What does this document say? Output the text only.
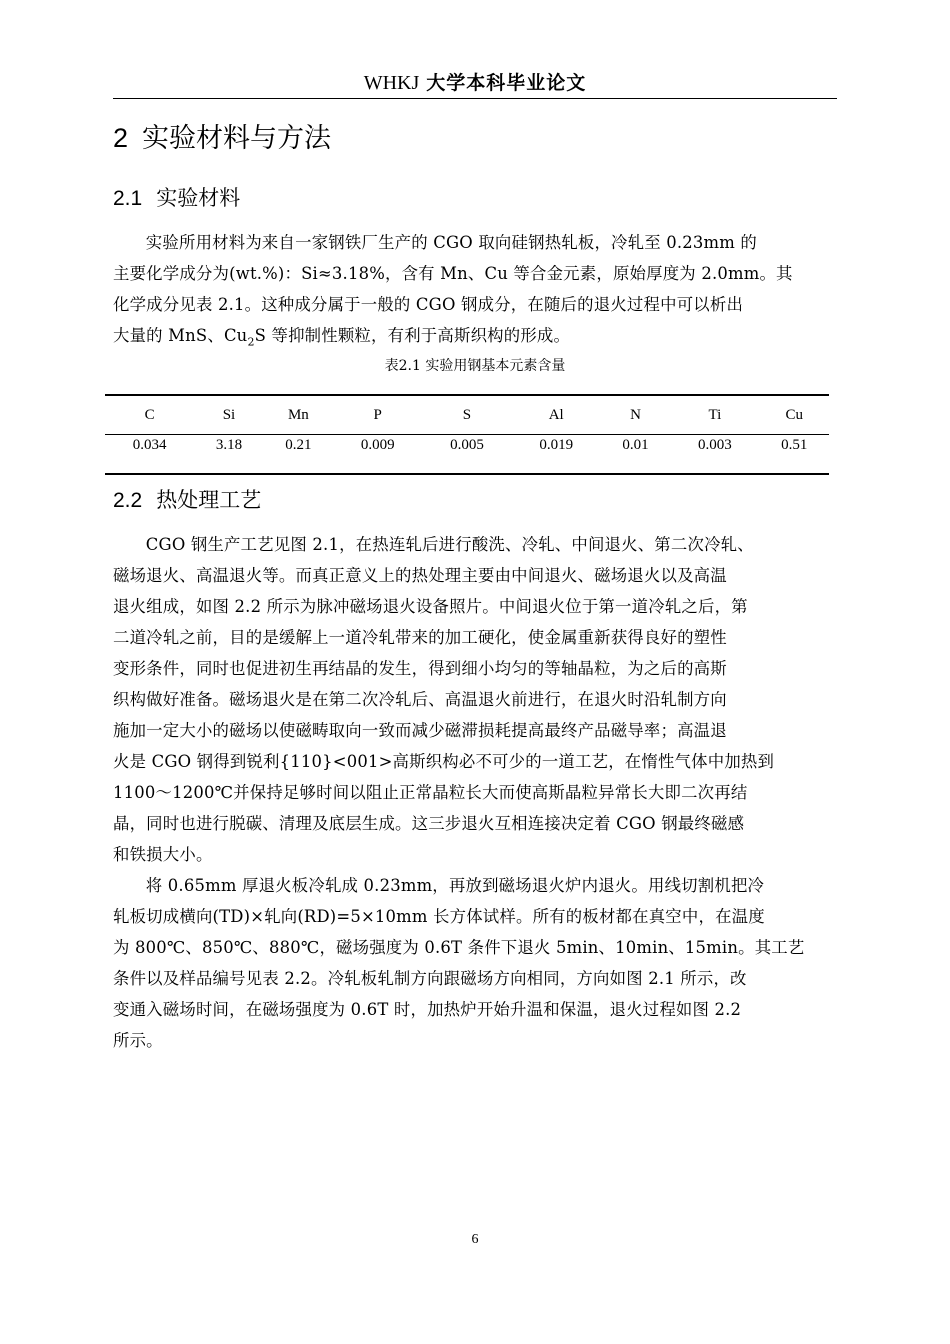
WHKJ 大学本科毕业论文
2 实验材料与方法
2.1 实验材料
实验所用材料为来自一家钢铁厂生产的 CGO 取向硅钢热轧板，冷轧至 0.23mm 的
主要化学成分为(wt.%)：Si≈3.18%，含有 Mn、Cu 等合金元素，原始厚度为 2.0mm。其
化学成分见表 2.1。这种成分属于一般的 CGO 钢成分，在随后的退火过程中可以析出
大量的 MnS、$Cu_2S$ 等抑制性颗粒，有利于高斯织构的形成。
表2.1 实验用钢基本元素含量
C	Si	Mn	P	S	Al	N	Ti	Cu
0.034	3.18	0.21	0.009	0.005	0.019	0.01	0.003	0.51
2.2 热处理工艺
CGO 钢生产工艺见图 2.1，在热连轧后进行酸洗、冷轧、中间退火、第二次冷轧、
磁场退火、高温退火等。而真正意义上的热处理主要由中间退火、磁场退火以及高温
退火组成，如图 2.2 所示为脉冲磁场退火设备照片。中间退火位于第一道冷轧之后，第
二道冷轧之前，目的是缓解上一道冷轧带来的加工硬化，使金属重新获得良好的塑性
变形条件，同时也促进初生再结晶的发生，得到细小均匀的等轴晶粒，为之后的高斯
织构做好准备。磁场退火是在第二次冷轧后、高温退火前进行，在退火时沿轧制方向
施加一定大小的磁场以使磁畴取向一致而减少磁滞损耗提高最终产品磁导率；高温退
火是 CGO 钢得到锐利{110}<001>高斯织构必不可少的一道工艺，在惰性气体中加热到
1100～1200℃并保持足够时间以阻止正常晶粒长大而使高斯晶粒异常长大即二次再结
晶，同时也进行脱碳、清理及底层生成。这三步退火互相连接决定着 CGO 钢最终磁感
和铁损大小。
将 0.65mm 厚退火板冷轧成 0.23mm，再放到磁场退火炉内退火。用线切割机把冷
轧板切成横向(TD)×轧向(RD)=5×10mm 长方体试样。所有的板材都在真空中，在温度
为 800℃、850℃、880℃，磁场强度为 0.6T 条件下退火 5min、10min、15min。其工艺
条件以及样品编号见表 2.2。冷轧板轧制方向跟磁场方向相同，方向如图 2.1 所示，改
变通入磁场时间，在磁场强度为 0.6T 时，加热炉开始升温和保温，退火过程如图 2.2
所示。
6
